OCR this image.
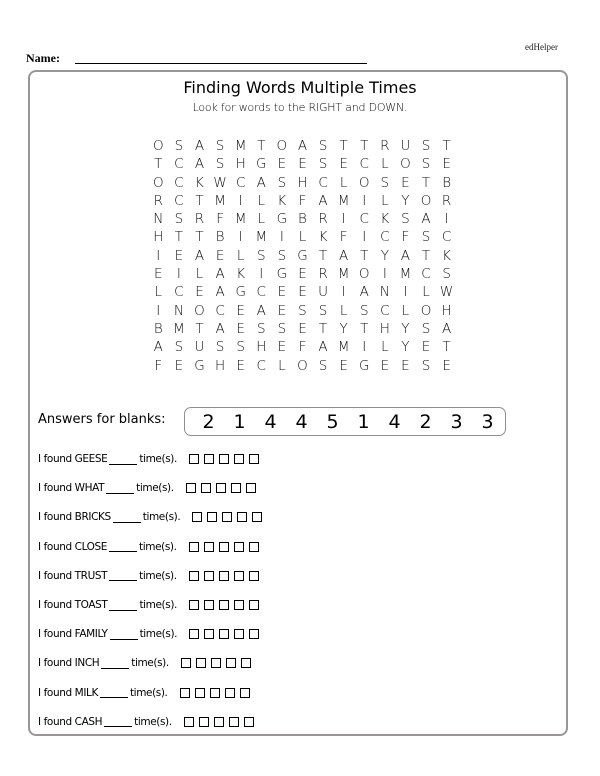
edHelper
Name:
Finding Words Multiple Times
Look for words to the RIGHT and DOWN.
O S A S M T O A S T T R U S T
T C A S H G E E S E C L O S E
O C K W C A S H C L O S E T B
R C T M I	L K F A M I	L Y O R
N S R F M L G B R	I	C K S A	I
H T T B	I M I	L K F	I	C F S C
I	E A E L S S G T A T Y A T K
E	I	L A K	I G E R M O I M C S
L C E A G C E E U	I	A N	I	L W
I	N O C E A E S S L S C L O H
B M T A E S S E T Y T H Y S A
A S U S S H E F A M I	L Y E T
F E G H E C L O S E G E E S E
Answers for blanks:	2 1 4 4 5 1 4 2 3 3
I found GEESE	time(s).
I found WHAT	time(s).
I found BRICKS	time(s).
I found CLOSE	time(s).
I found TRUST	time(s).
I found TOAST	time(s).
I found FAMILY	time(s).
I found INCH	time(s).
I found MILK	time(s).
I found CASH	time(s).
